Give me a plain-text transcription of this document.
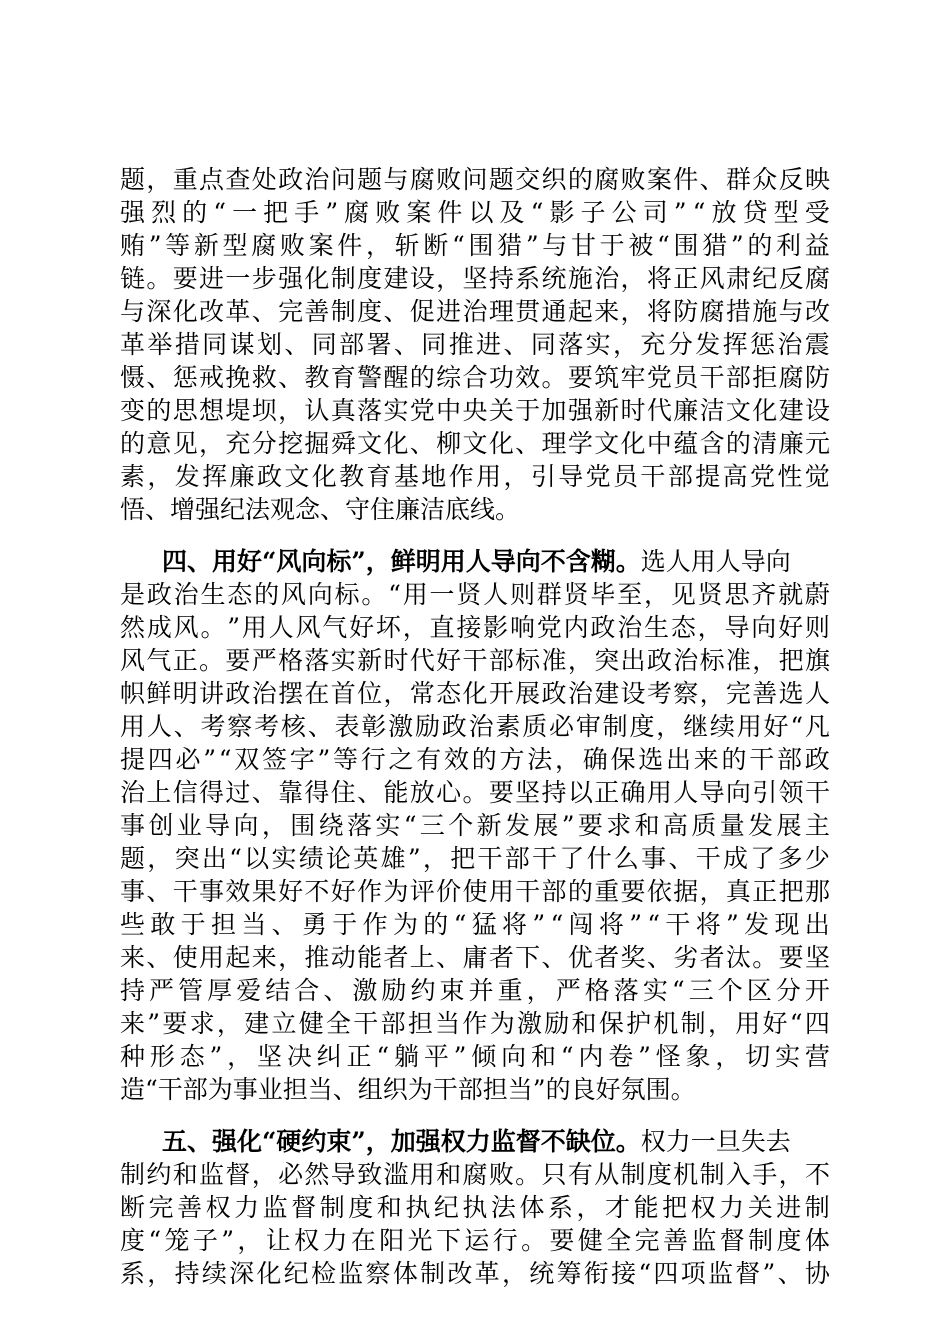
题 ， 重 点 查 处 政 治 问 题 与 腐 败 问 题 交 织 的 腐 败 案 件 、 群 众 反 映
强 烈 的 “ 一 把 手 ” 腐 败 案 件 以 及 “ 影 子 公 司 ” “ 放 贷 型 受
贿 ” 等 新 型 腐 败 案 件 ， 斩 断 “ 围 猎 ” 与 甘 于 被 “ 围 猎 ” 的 利 益
链 。 要 进 一 步 强 化 制 度 建 设 ， 坚 持 系 统 施 治 ， 将 正 风 肃 纪 反 腐
与 深 化 改 革 、 完 善 制 度 、 促 进 治 理 贯 通 起 来 ， 将 防 腐 措 施 与 改
革 举 措 同 谋 划 、 同 部 署 、 同 推 进 、 同 落 实 ， 充 分 发 挥 惩 治 震
慑 、 惩 戒 挽 救 、 教 育 警 醒 的 综 合 功 效 。 要 筑 牢 党 员 干 部 拒 腐 防
变 的 思 想 堤 坝 ， 认 真 落 实 党 中 央 关 于 加 强 新 时 代 廉 洁 文 化 建 设
的 意 见 ， 充 分 挖 掘 舜 文 化 、 柳 文 化 、 理 学 文 化 中 蕴 含 的 清 廉 元
素 ， 发 挥 廉 政 文 化 教 育 基 地 作 用 ， 引 导 党 员 干 部 提 高 党 性 觉
悟、增强纪法观念、守住廉洁底线。
四、用好“风向标”，鲜明用人导向不含糊。选人用人导向
是 政 治 生 态 的 风 向 标 。 “ 用 一 贤 人 则 群 贤 毕 至 ， 见 贤 思 齐 就 蔚
然 成 风 。 ” 用 人 风 气 好 坏 ， 直 接 影 响 党 内 政 治 生 态 ， 导 向 好 则
风 气 正 。 要 严 格 落 实 新 时 代 好 干 部 标 准 ， 突 出 政 治 标 准 ， 把 旗
帜 鲜 明 讲 政 治 摆 在 首 位 ， 常 态 化 开 展 政 治 建 设 考 察 ， 完 善 选 人
用 人 、 考 察 考 核 、 表 彰 激 励 政 治 素 质 必 审 制 度 ， 继 续 用 好 “ 凡
提 四 必 ” “ 双 签 字 ” 等 行 之 有 效 的 方 法 ， 确 保 选 出 来 的 干 部 政
治 上 信 得 过 、 靠 得 住 、 能 放 心 。 要 坚 持 以 正 确 用 人 导 向 引 领 干
事 创 业 导 向 ， 围 绕 落 实 “ 三 个 新 发 展 ” 要 求 和 高 质 量 发 展 主
题 ， 突 出 “ 以 实 绩 论 英 雄 ” ， 把 干 部 干 了 什 么 事 、 干 成 了 多 少
事 、 干 事 效 果 好 不 好 作 为 评 价 使 用 干 部 的 重 要 依 据 ， 真 正 把 那
些 敢 于 担 当 、 勇 于 作 为 的 “ 猛 将 ” “ 闯 将 ” “ 干 将 ” 发 现 出
来 、 使 用 起 来 ， 推 动 能 者 上 、 庸 者 下 、 优 者 奖 、 劣 者 汰 。 要 坚
持 严 管 厚 爱 结 合 、 激 励 约 束 并 重 ， 严 格 落 实 “ 三 个 区 分 开
来 ” 要 求 ， 建 立 健 全 干 部 担 当 作 为 激 励 和 保 护 机 制 ， 用 好 “ 四
种 形 态 ” ， 坚 决 纠 正 “ 躺 平 ” 倾 向 和 “ 内 卷 ” 怪 象 ， 切 实 营
造“干部为事业担当、组织为干部担当”的良好氛围。
五、强化“硬约束”，加强权力监督不缺位。权力一旦失去
制 约 和 监 督 ， 必 然 导 致 滥 用 和 腐 败 。 只 有 从 制 度 机 制 入 手 ， 不
断 完 善 权 力 监 督 制 度 和 执 纪 执 法 体 系 ， 才 能 把 权 力 关 进 制
度 “ 笼 子 ” ， 让 权 力 在 阳 光 下 运 行 。 要 健 全 完 善 监 督 制 度 体
系 ， 持 续 深 化 纪 检 监 察 体 制 改 革 ， 统 筹 衔 接 “ 四 项 监 督 ” 、 协
